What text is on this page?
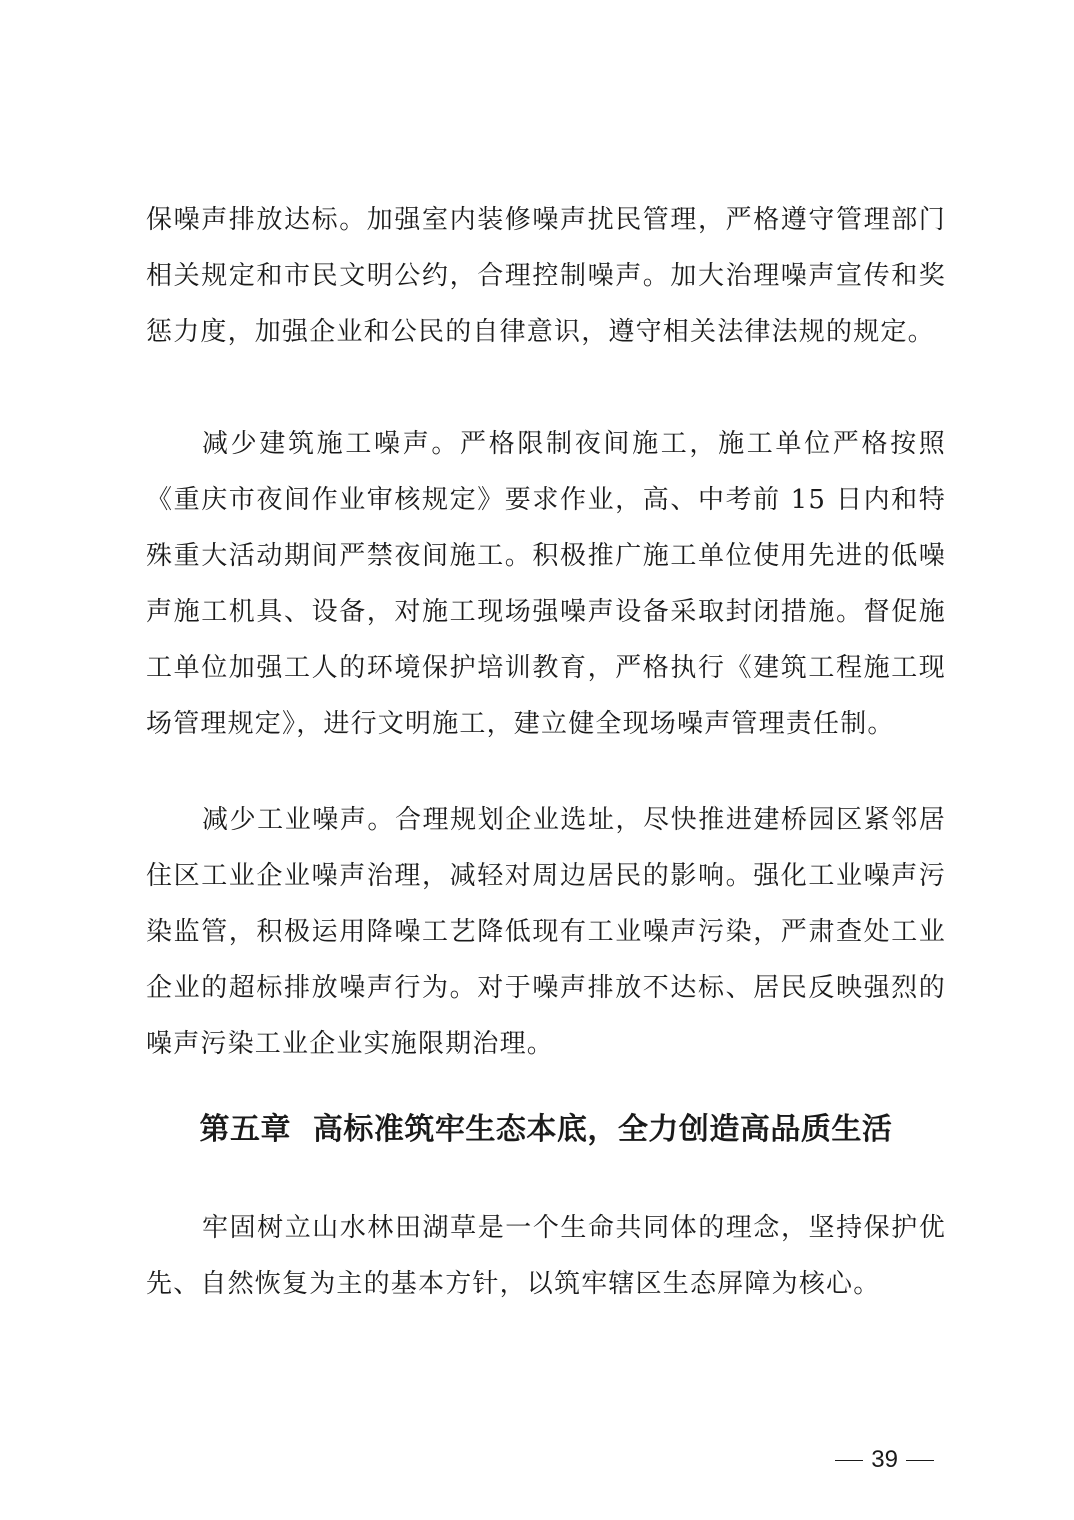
保噪声排放达标。加强室内装修噪声扰民管理，严格遵守管理部门相关规定和市民文明公约，合理控制噪声。加大治理噪声宣传和奖惩力度，加强企业和公民的自律意识，遵守相关法律法规的规定。

减少建筑施工噪声。严格限制夜间施工，施工单位严格按照《重庆市夜间作业审核规定》要求作业，高、中考前 15 日内和特殊重大活动期间严禁夜间施工。积极推广施工单位使用先进的低噪声施工机具、设备，对施工现场强噪声设备采取封闭措施。督促施工单位加强工人的环境保护培训教育，严格执行《建筑工程施工现场管理规定》，进行文明施工，建立健全现场噪声管理责任制。

减少工业噪声。合理规划企业选址，尽快推进建桥园区紧邻居住区工业企业噪声治理，减轻对周边居民的影响。强化工业噪声污染监管，积极运用降噪工艺降低现有工业噪声污染，严肃查处工业企业的超标排放噪声行为。对于噪声排放不达标、居民反映强烈的噪声污染工业企业实施限期治理。

第五章  高标准筑牢生态本底，全力创造高品质生活

牢固树立山水林田湖草是一个生命共同体的理念，坚持保护优先、自然恢复为主的基本方针，以筑牢辖区生态屏障为核心。

39
